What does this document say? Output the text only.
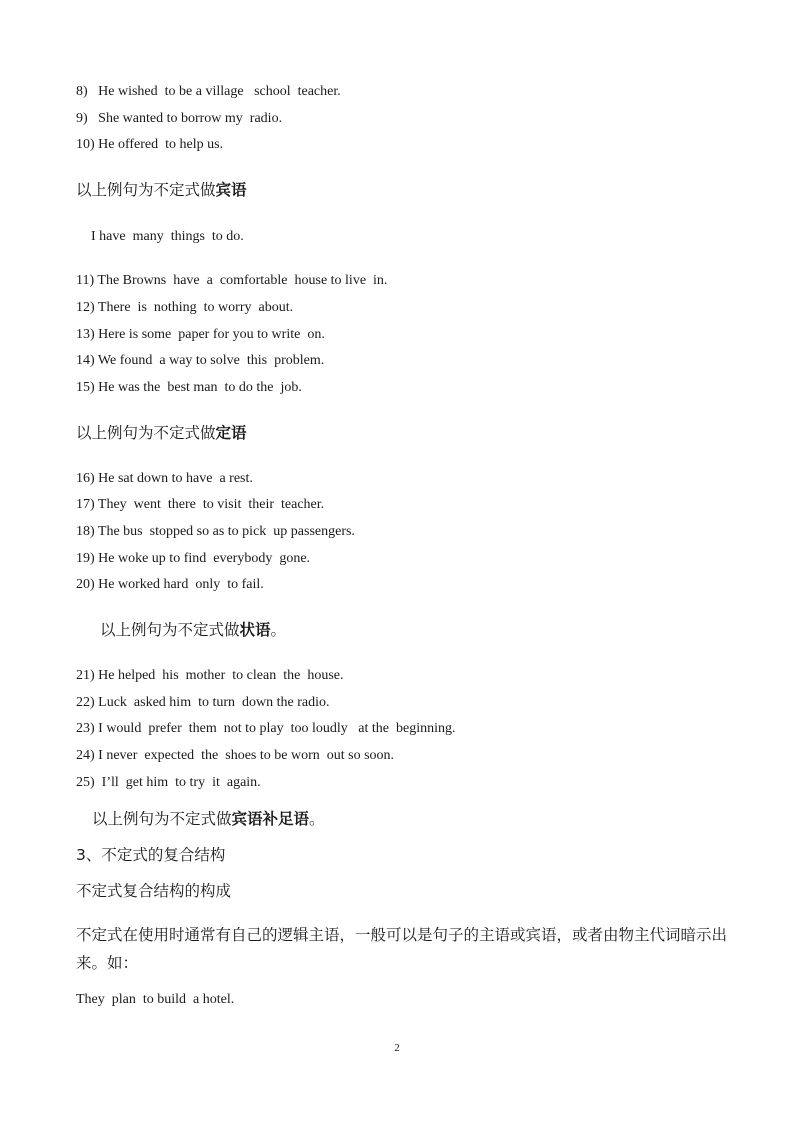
8)   He wished  to be a village   school  teacher.
9)   She wanted to borrow my  radio.
10) He offered  to help us.
以上例句为不定式做宾语
I have  many  things  to do.
11) The Browns  have  a  comfortable  house to live  in.
12) There  is  nothing  to worry  about.
13) Here is some  paper for you to write  on.
14) We found  a way to solve  this  problem.
15) He was the  best man  to do the  job.
以上例句为不定式做定语
16) He sat down to have  a rest.
17) They  went  there  to visit  their  teacher.
18) The bus  stopped so as to pick  up passengers.
19) He woke up to find  everybody  gone.
20) He worked hard  only  to fail.
以上例句为不定式做状语。
21) He helped  his  mother  to clean  the  house.
22) Luck  asked him  to turn  down the radio.
23) I would  prefer  them  not to play  too loudly   at the  beginning.
24) I never  expected  the  shoes to be worn  out so soon.
25)  I’ll  get him  to try  it  again.
以上例句为不定式做宾语补足语。
3、不定式的复合结构
不定式复合结构的构成
不定式在使用时通常有自己的逻辑主语，一般可以是句子的主语或宾语，或者由物主代词暗示出来。如：
They  plan  to build  a hotel.
2
